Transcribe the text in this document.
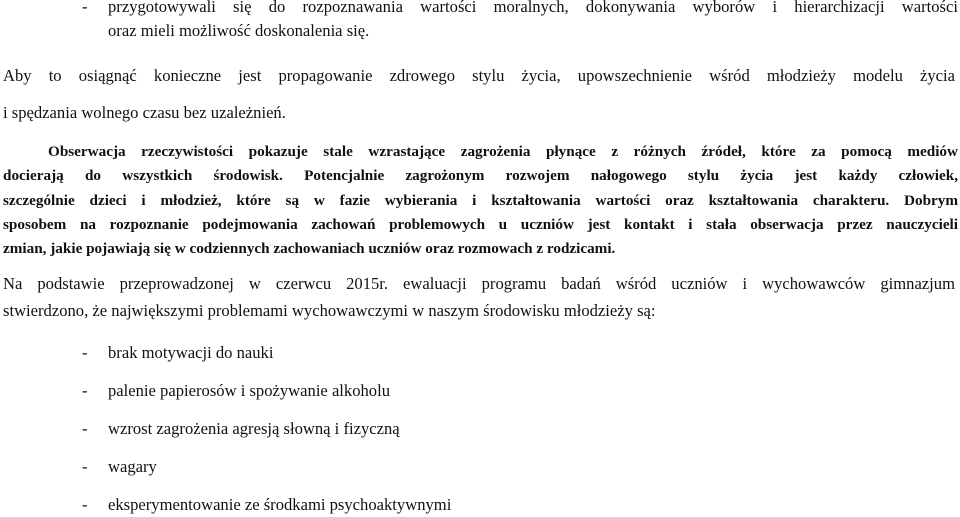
- przygotowywali się do rozpoznawania wartości moralnych, dokonywania wyborów i hierarchizacji wartości
oraz mieli możliwość doskonalenia się.
Aby to osiągnąć konieczne jest propagowanie zdrowego stylu życia, upowszechnienie wśród młodzieży modelu życia
i spędzania wolnego czasu bez uzależnień.
Obserwacja rzeczywistości pokazuje stale wzrastające zagrożenia płynące z różnych źródeł, które za pomocą mediów
docierają do wszystkich środowisk. Potencjalnie zagrożonym rozwojem nałogowego stylu życia jest każdy człowiek,
szczególnie dzieci i młodzież, które są w fazie wybierania i kształtowania wartości oraz kształtowania charakteru. Dobrym
sposobem na rozpoznanie podejmowania zachowań problemowych u uczniów jest kontakt i stała obserwacja przez nauczycieli
zmian, jakie pojawiają się w codziennych zachowaniach uczniów oraz rozmowach z rodzicami.
Na podstawie przeprowadzonej w czerwcu 2015r. ewaluacji programu badań wśród uczniów i wychowawców gimnazjum
stwierdzono, że największymi problemami wychowawczymi w naszym środowisku młodzieży są:
- brak motywacji do nauki
- palenie papierosów i spożywanie alkoholu
- wzrost zagrożenia agresją słowną i fizyczną
- wagary
- eksperymentowanie ze środkami psychoaktywnymi
